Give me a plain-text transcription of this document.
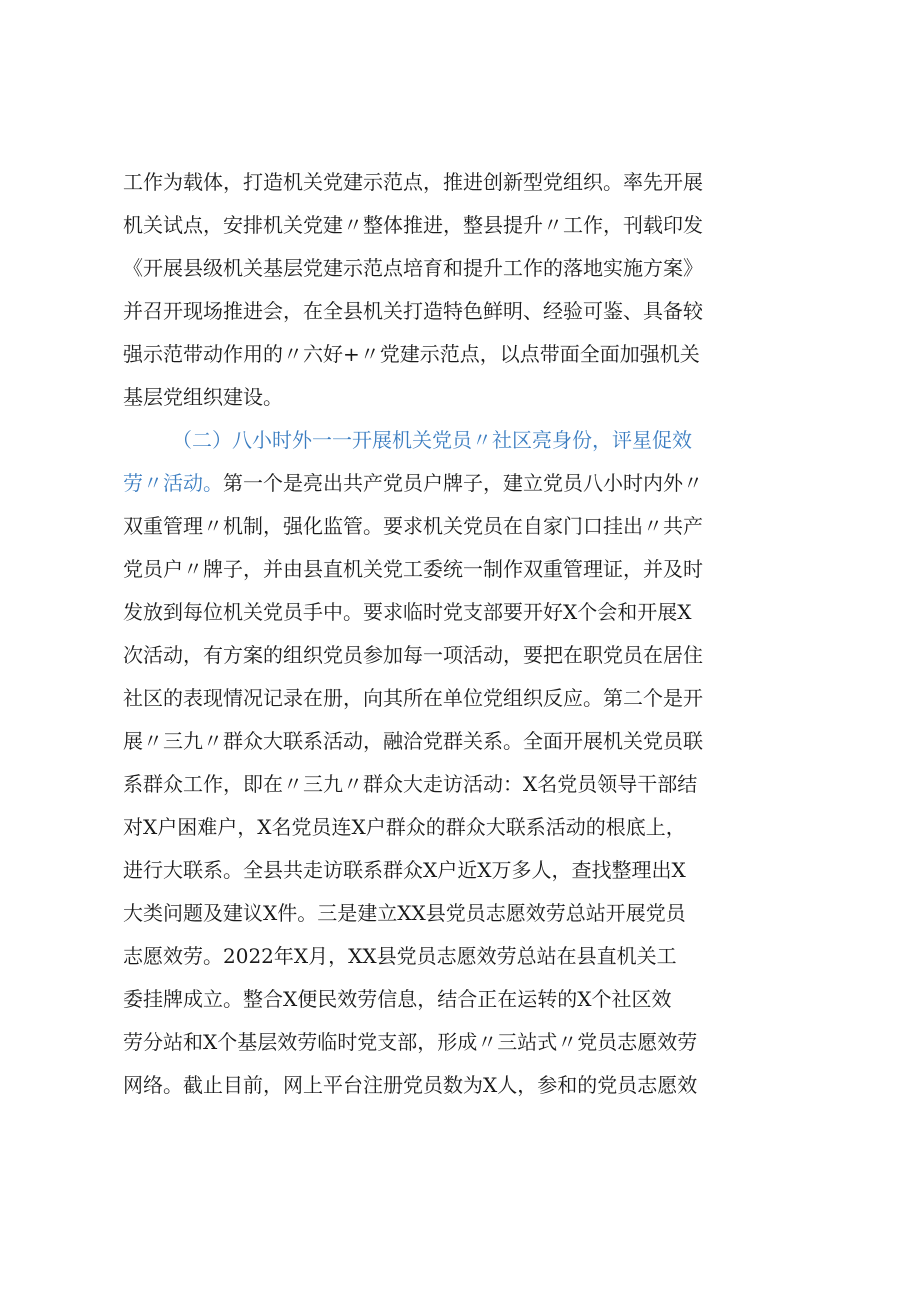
工作为载体，打造机关党建示范点，推进创新型党组织。率先开展
机关试点，安排机关党建〃整体推进，整县提升〃工作，刊载印发
《开展县级机关基层党建示范点培育和提升工作的落地实施方案》
并召开现场推进会，在全县机关打造特色鲜明、经验可鉴、具备较
强示范带动作用的〃六好+〃党建示范点，以点带面全面加强机关
基层党组织建设。
（二）八小时外一一开展机关党员〃社区亮身份，评星促效
劳〃活动。第一个是亮出共产党员户牌子，建立党员八小时内外〃
双重管理〃机制，强化监管。要求机关党员在自家门口挂出〃共产
党员户〃牌子，并由县直机关党工委统一制作双重管理证，并及时
发放到每位机关党员手中。要求临时党支部要开好X个会和开展X
次活动，有方案的组织党员参加每一项活动，要把在职党员在居住
社区的表现情况记录在册，向其所在单位党组织反应。第二个是开
展〃三九〃群众大联系活动，融洽党群关系。全面开展机关党员联
系群众工作，即在〃三九〃群众大走访活动：X名党员领导干部结
对X户困难户，X名党员连X户群众的群众大联系活动的根底上，
进行大联系。全县共走访联系群众X户近X万多人，查找整理出X
大类问题及建议X件。三是建立XX县党员志愿效劳总站开展党员
志愿效劳。2022年X月，XX县党员志愿效劳总站在县直机关工
委挂牌成立。整合X便民效劳信息，结合正在运转的X个社区效
劳分站和X个基层效劳临时党支部，形成〃三站式〃党员志愿效劳
网络。截止目前，网上平台注册党员数为X人，参和的党员志愿效
